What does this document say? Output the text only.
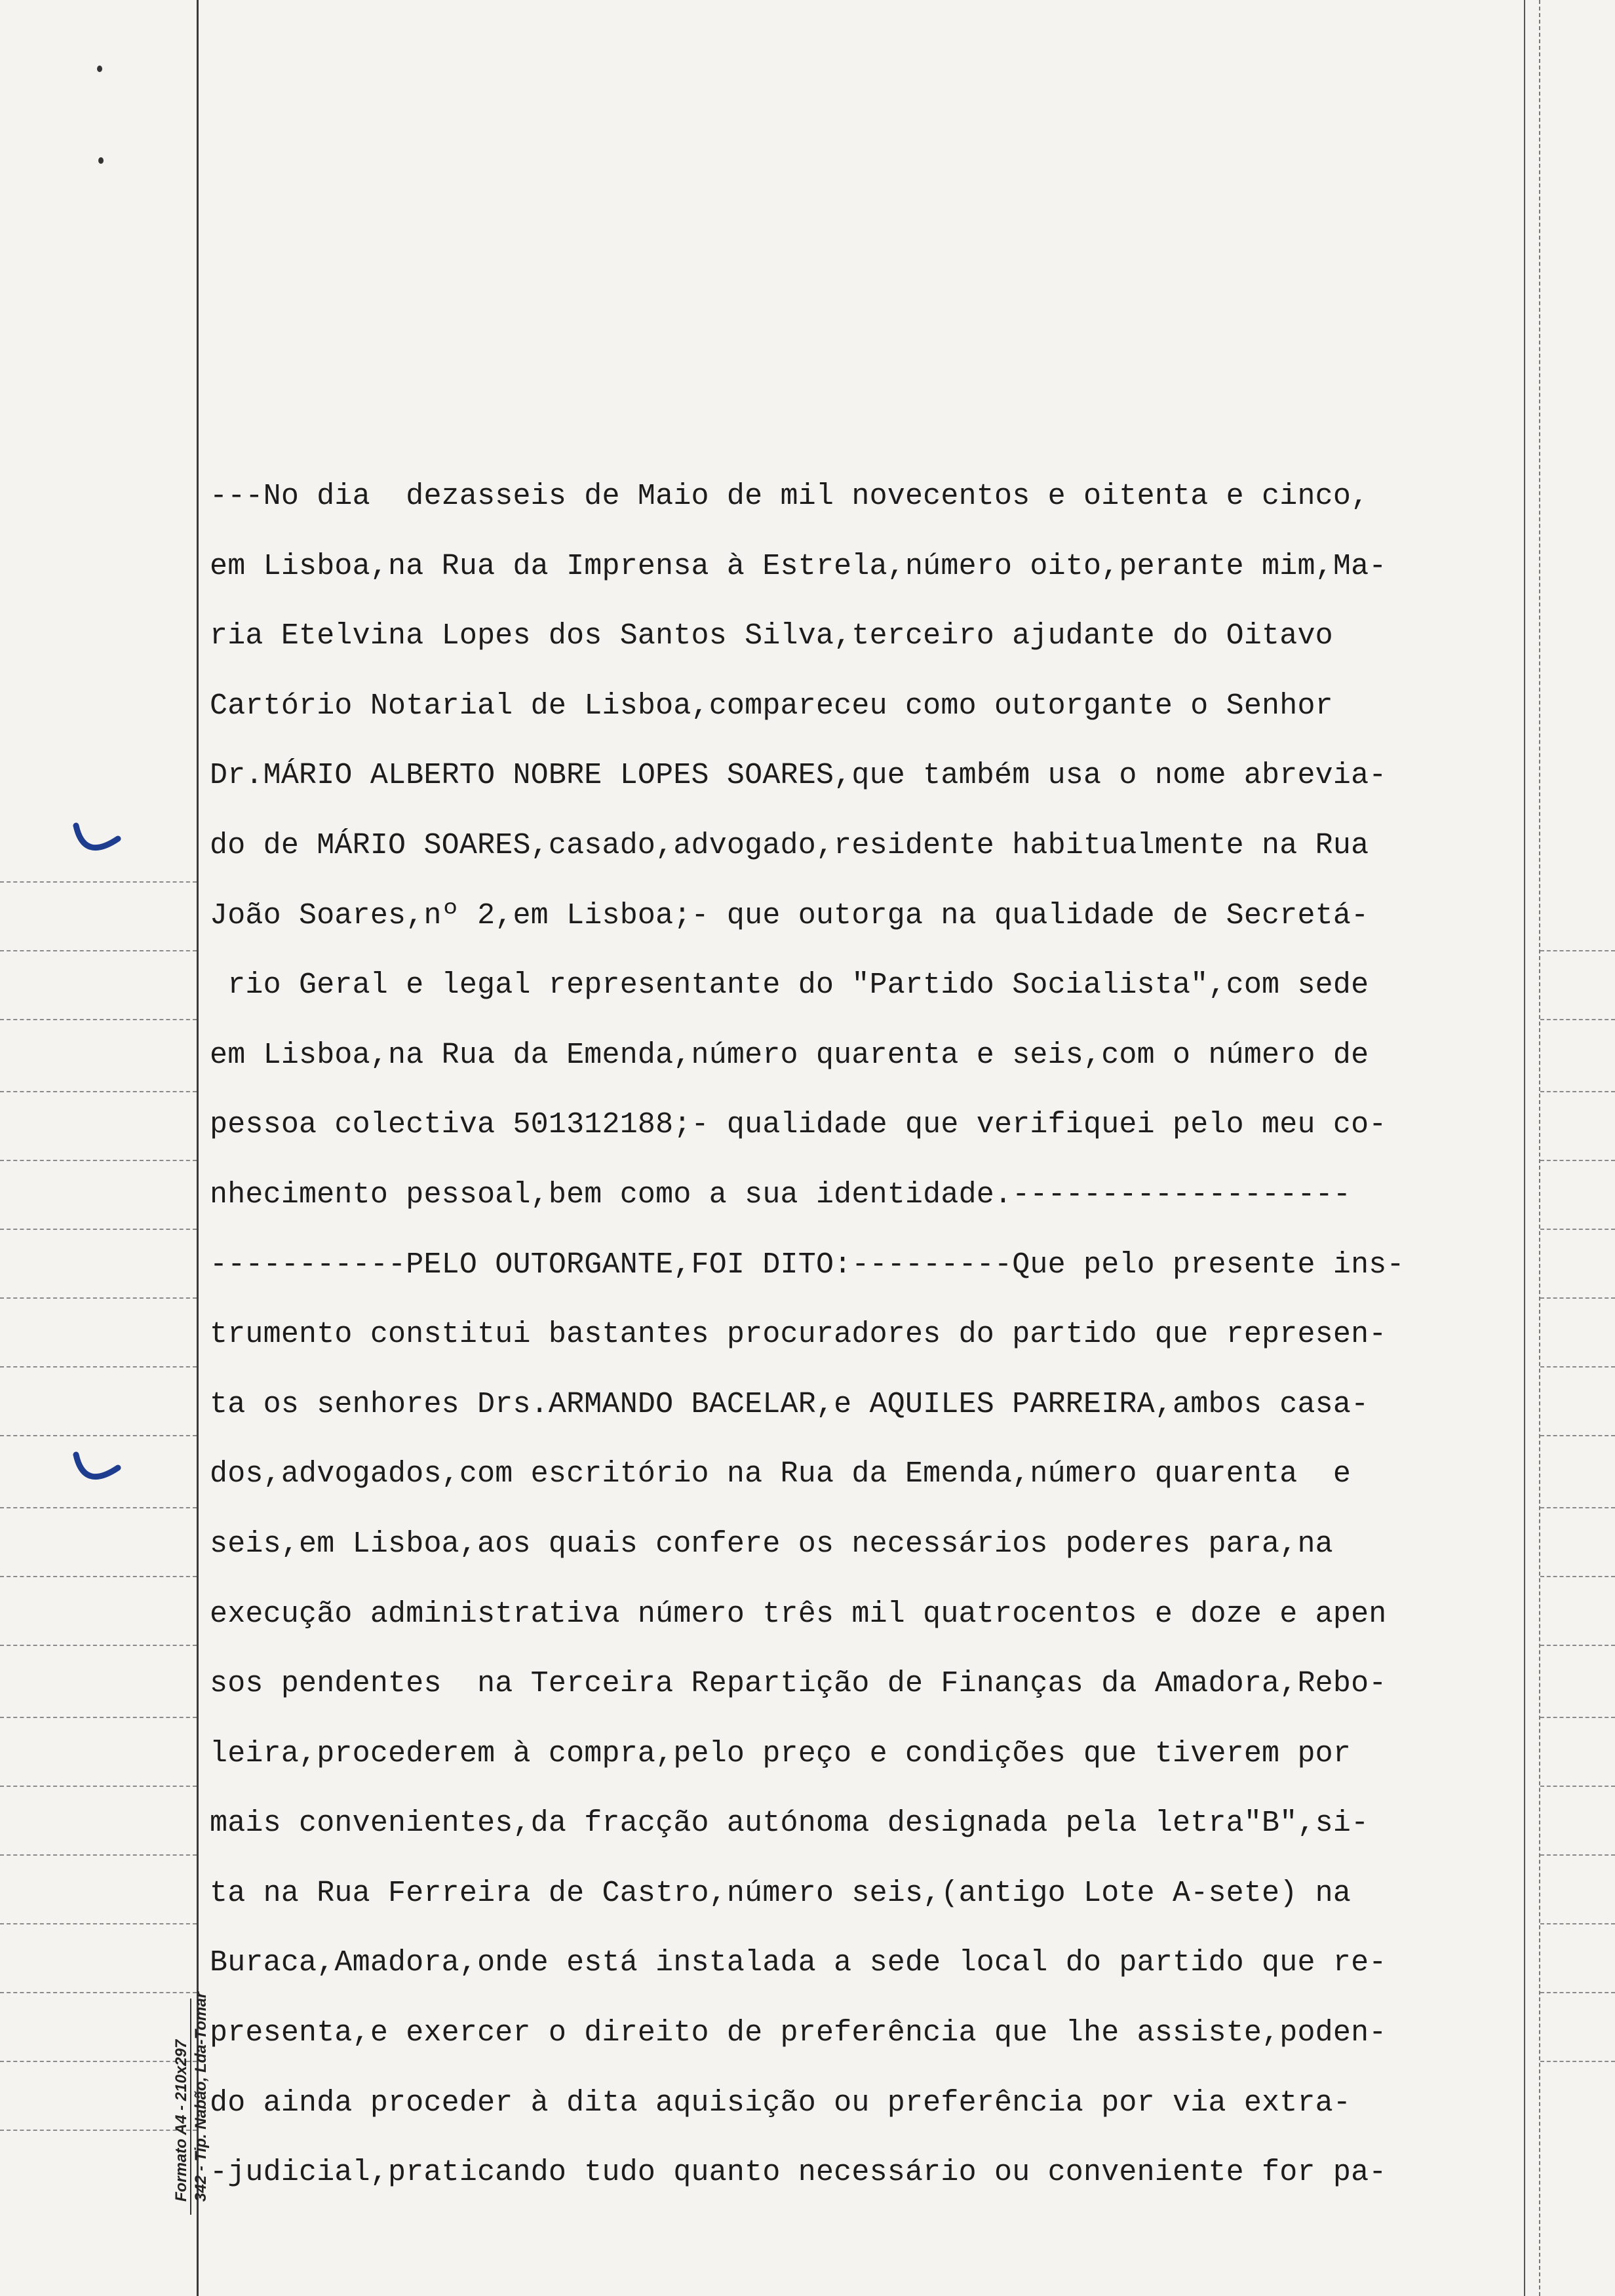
---No dia  dezasseis de Maio de mil novecentos e oitenta e cinco,
em Lisboa,na Rua da Imprensa à Estrela,número oito,perante mim,Ma-
ria Etelvina Lopes dos Santos Silva,terceiro ajudante do Oitavo
Cartório Notarial de Lisboa,compareceu como outorgante o Senhor
Dr.MÁRIO ALBERTO NOBRE LOPES SOARES,que também usa o nome abrevia-
do de MÁRIO SOARES,casado,advogado,residente habitualmente na Rua
João Soares,nº 2,em Lisboa;- que outorga na qualidade de Secretá-
rio Geral e legal representante do "Partido Socialista",com sede
em Lisboa,na Rua da Emenda,número quarenta e seis,com o número de
pessoa colectiva 501312188;- qualidade que verifiquei pelo meu co-
nhecimento pessoal,bem como a sua identidade.-------------------
-----------PELO OUTORGANTE,FOI DITO:---------Que pelo presente ins-
trumento constitui bastantes procuradores do partido que represen-
ta os senhores Drs.ARMANDO BACELAR,e AQUILES PARREIRA,ambos casa-
dos,advogados,com escritório na Rua da Emenda,número quarenta  e
seis,em Lisboa,aos quais confere os necessários poderes para,na
execução administrativa número três mil quatrocentos e doze e apen
sos pendentes  na Terceira Repartição de Finanças da Amadora,Rebo-
leira,procederem à compra,pelo preço e condições que tiverem por
mais convenientes,da fracção autónoma designada pela letra"B",si-
ta na Rua Ferreira de Castro,número seis,(antigo Lote A-sete) na
Buraca,Amadora,onde está instalada a sede local do partido que re-
presenta,e exercer o direito de preferência que lhe assiste,poden-
do ainda proceder à dita aquisição ou preferência por via extra-
-judicial,praticando tudo quanto necessário ou conveniente for pa-
Formato A4 - 210x297 342 - Tip. Nabão, Lda-Tomar
